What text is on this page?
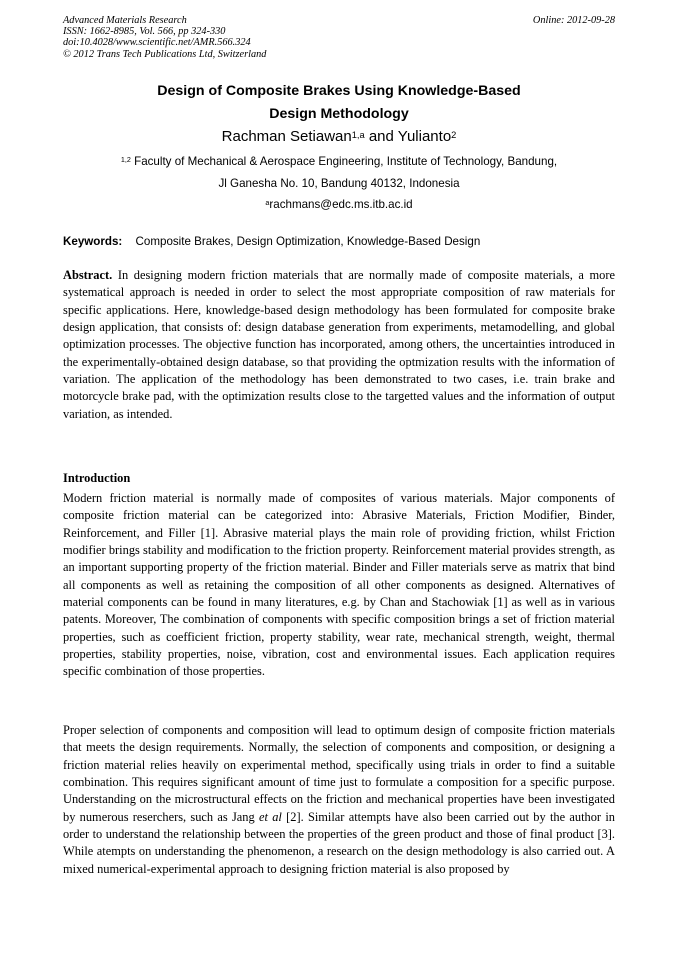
Advanced Materials Research
ISSN: 1662-8985, Vol. 566, pp 324-330
doi:10.4028/www.scientific.net/AMR.566.324
© 2012 Trans Tech Publications Ltd, Switzerland
Online: 2012-09-28
Design of Composite Brakes Using Knowledge-Based
Design Methodology
Rachman Setiawan$^{1,a}$ and Yulianto$^2$
$^{1,2}$ Faculty of Mechanical & Aerospace Engineering, Institute of Technology, Bandung,
Jl Ganesha No. 10, Bandung 40132, Indonesia
$^a$rachmans@edc.ms.itb.ac.id
Keywords: Composite Brakes, Design Optimization, Knowledge-Based Design

Abstract. In designing modern friction materials that are normally made of composite materials, a more systematical approach is needed in order to select the most appropriate composition of raw materials for specific applications. Here, knowledge-based design methodology has been formulated for composite brake design application, that consists of: design database generation from experiments, metamodelling, and global optimization processes. The objective function has incorporated, among others, the uncertainties introduced in the experimentally-obtained design database, so that providing the optmization results with the information of variation. The application of the methodology has been demonstrated to two cases, i.e. train brake and motorcycle brake pad, with the optimization results close to the targetted values and the information of output variation, as intended.

Introduction

Modern friction material is normally made of composites of various materials. Major components of composite friction material can be categorized into: Abrasive Materials, Friction Modifier, Binder, Reinforcement, and Filler [1]. Abrasive material plays the main role of providing friction, whilst Friction modifier brings stability and modification to the friction property. Reinforcement material provides strength, as an important supporting property of the friction material. Binder and Filler materials serve as matrix that bind all components as well as retaining the composition of all other components as designed. Alternatives of material components can be found in many literatures, e.g. by Chan and Stachowiak [1] as well as in various patents. Moreover, The combination of components with specific composition brings a set of friction material properties, such as coefficient friction, property stability, wear rate, mechanical strength, weight, thermal properties, stability properties, noise, vibration, cost and environmental issues. Each application requires specific combination of those properties.

Proper selection of components and composition will lead to optimum design of composite friction materials that meets the design requirements. Normally, the selection of components and composition, or designing a friction material relies heavily on experimental method, specifically using trials in order to find a suitable combination. This requires significant amount of time just to formulate a composition for a specific purpose. Understanding on the microstructural effects on the friction and mechanical properties have been investigated by numerous reserchers, such as Jang et al [2]. Similar attempts have also been carried out by the author in order to understand the relationship between the properties of the green product and those of final product [3]. While atempts on understanding the phenomenon, a research on the design methodology is also carried out. A mixed numerical-experimental approach to designing friction material is also proposed by
